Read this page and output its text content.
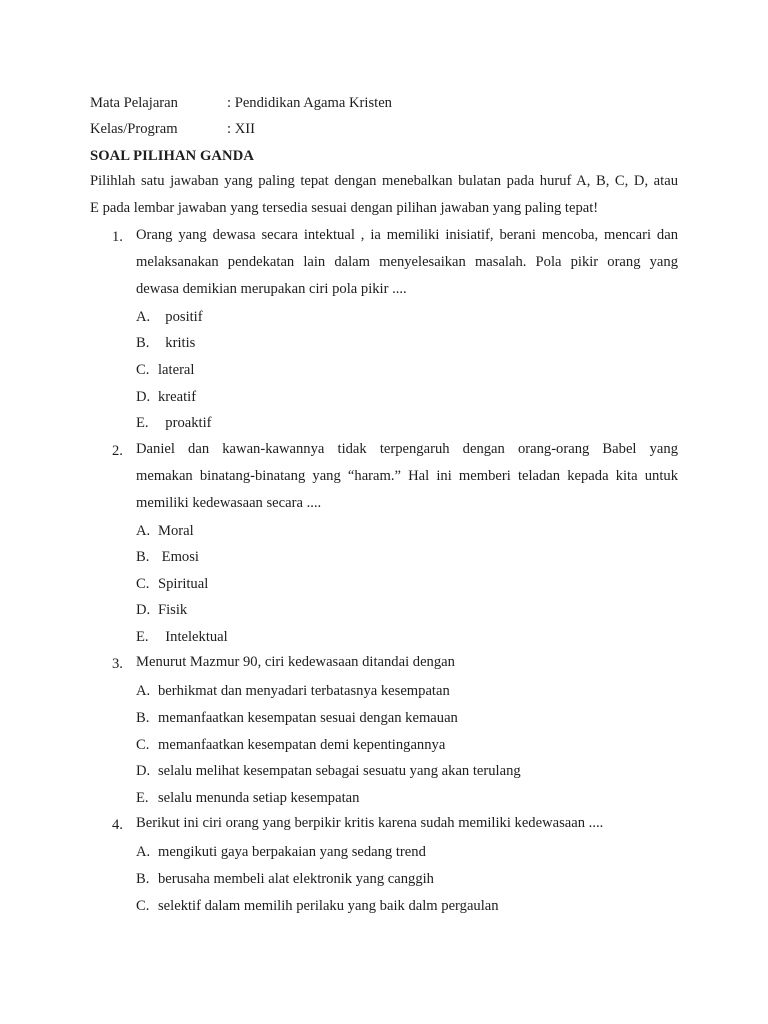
Mata Pelajaran	: Pendidikan Agama Kristen
Kelas/Program	: XII
SOAL PILIHAN GANDA
Pilihlah satu jawaban yang paling tepat dengan menebalkan bulatan pada huruf A, B, C, D, atau
E pada lembar jawaban yang tersedia sesuai dengan pilihan jawaban yang paling tepat!
1. Orang yang dewasa secara intektual , ia memiliki inisiatif, berani mencoba, mencari dan
melaksanakan pendekatan lain dalam menyelesaikan masalah. Pola pikir orang yang
dewasa demikian merupakan ciri pola pikir ....
A.  positif
B.  kritis
C. lateral
D. kreatif
E.  proaktif
2. Daniel dan kawan-kawannya tidak terpengaruh dengan orang-orang Babel yang
memakan binatang-binatang yang “haram.” Hal ini memberi teladan kepada kita untuk
memiliki kedewasaan secara ....
A. Moral
B. Emosi
C. Spiritual
D. Fisik
E.  Intelektual
3. Menurut Mazmur 90, ciri kedewasaan ditandai dengan
A. berhikmat dan menyadari terbatasnya kesempatan
B. memanfaatkan kesempatan sesuai dengan kemauan
C. memanfaatkan kesempatan demi kepentingannya
D. selalu melihat kesempatan sebagai sesuatu yang akan terulang
E. selalu menunda setiap kesempatan
4. Berikut ini ciri orang yang berpikir kritis karena sudah memiliki kedewasaan ....
A. mengikuti gaya berpakaian yang sedang trend
B. berusaha membeli alat elektronik yang canggih
C. selektif dalam memilih perilaku yang baik dalm pergaulan
